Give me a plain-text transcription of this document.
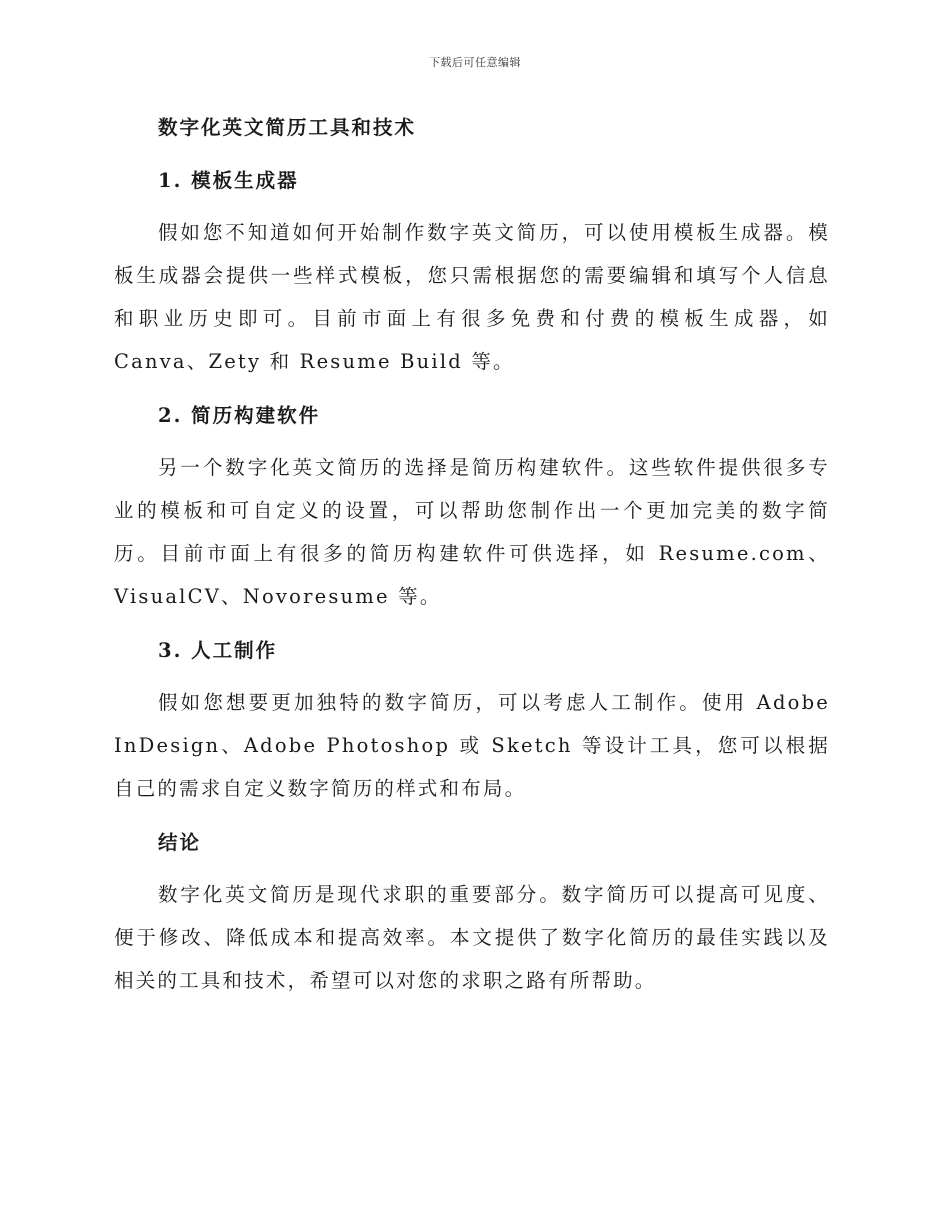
下载后可任意编辑
数字化英文简历工具和技术
1. 模板生成器

假如您不知道如何开始制作数字英文简历，可以使用模板生成器。模板生成器会提供一些样式模板，您只需根据您的需要编辑和填写个人信息和职业历史即可。目前市面上有很多免费和付费的模板生成器，如 Canva、Zety 和 Resume Build 等。

2. 简历构建软件

另一个数字化英文简历的选择是简历构建软件。这些软件提供很多专业的模板和可自定义的设置，可以帮助您制作出一个更加完美的数字简历。目前市面上有很多的简历构建软件可供选择，如 Resume.com、VisualCV、Novoresume 等。

3. 人工制作

假如您想要更加独特的数字简历，可以考虑人工制作。使用 Adobe InDesign、Adobe Photoshop 或 Sketch 等设计工具，您可以根据自己的需求自定义数字简历的样式和布局。

结论

数字化英文简历是现代求职的重要部分。数字简历可以提高可见度、便于修改、降低成本和提高效率。本文提供了数字化简历的最佳实践以及相关的工具和技术，希望可以对您的求职之路有所帮助。
